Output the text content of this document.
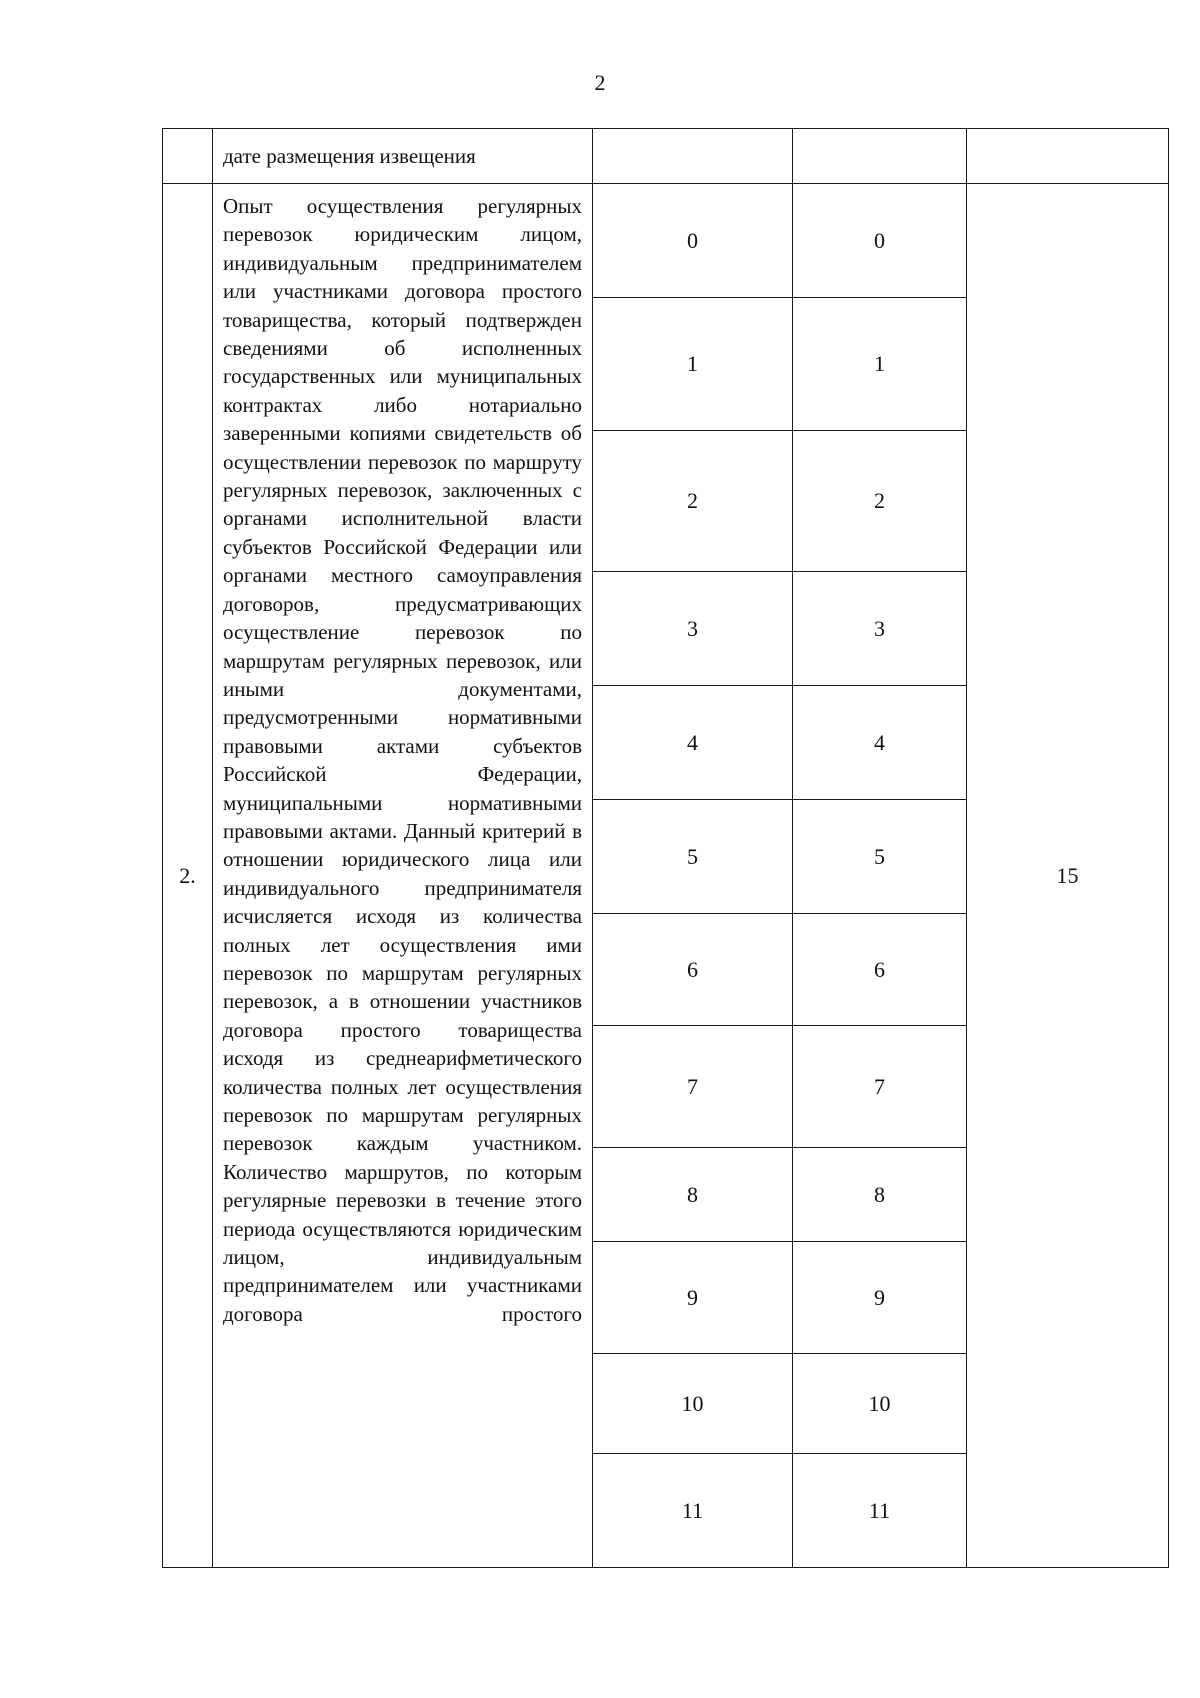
2
	дате размещения извещения			
2.	Опыт осуществления регулярных перевозок юридическим лицом, индивидуальным предпринимателем или участниками договора простого товарищества, который подтвержден сведениями об исполненных государственных или муниципальных контрактах либо нотариально заверенными копиями свидетельств об осуществлении перевозок по маршруту регулярных перевозок, заключенных с органами исполнительной власти субъектов Российской Федерации или органами местного самоуправления договоров, предусматривающих осуществление перевозок по маршрутам регулярных перевозок, или иными документами, предусмотренными нормативными правовыми актами субъектов Российской Федерации, муниципальными нормативными правовыми актами. Данный критерий в отношении юридического лица или индивидуального предпринимателя исчисляется исходя из количества полных лет осуществления ими перевозок по маршрутам регулярных перевозок, а в отношении участников договора простого товарищества исходя из среднеарифметического количества полных лет осуществления перевозок по маршрутам регулярных перевозок каждым участником. Количество маршрутов, по которым регулярные перевозки в течение этого периода осуществляются юридическим лицом, индивидуальным предпринимателем или участниками договора простого	0	0	15
		1	1	
		2	2	
		3	3	
		4	4	
		5	5	
		6	6	
		7	7	
		8	8	
		9	9	
		10	10	
		11	11	
